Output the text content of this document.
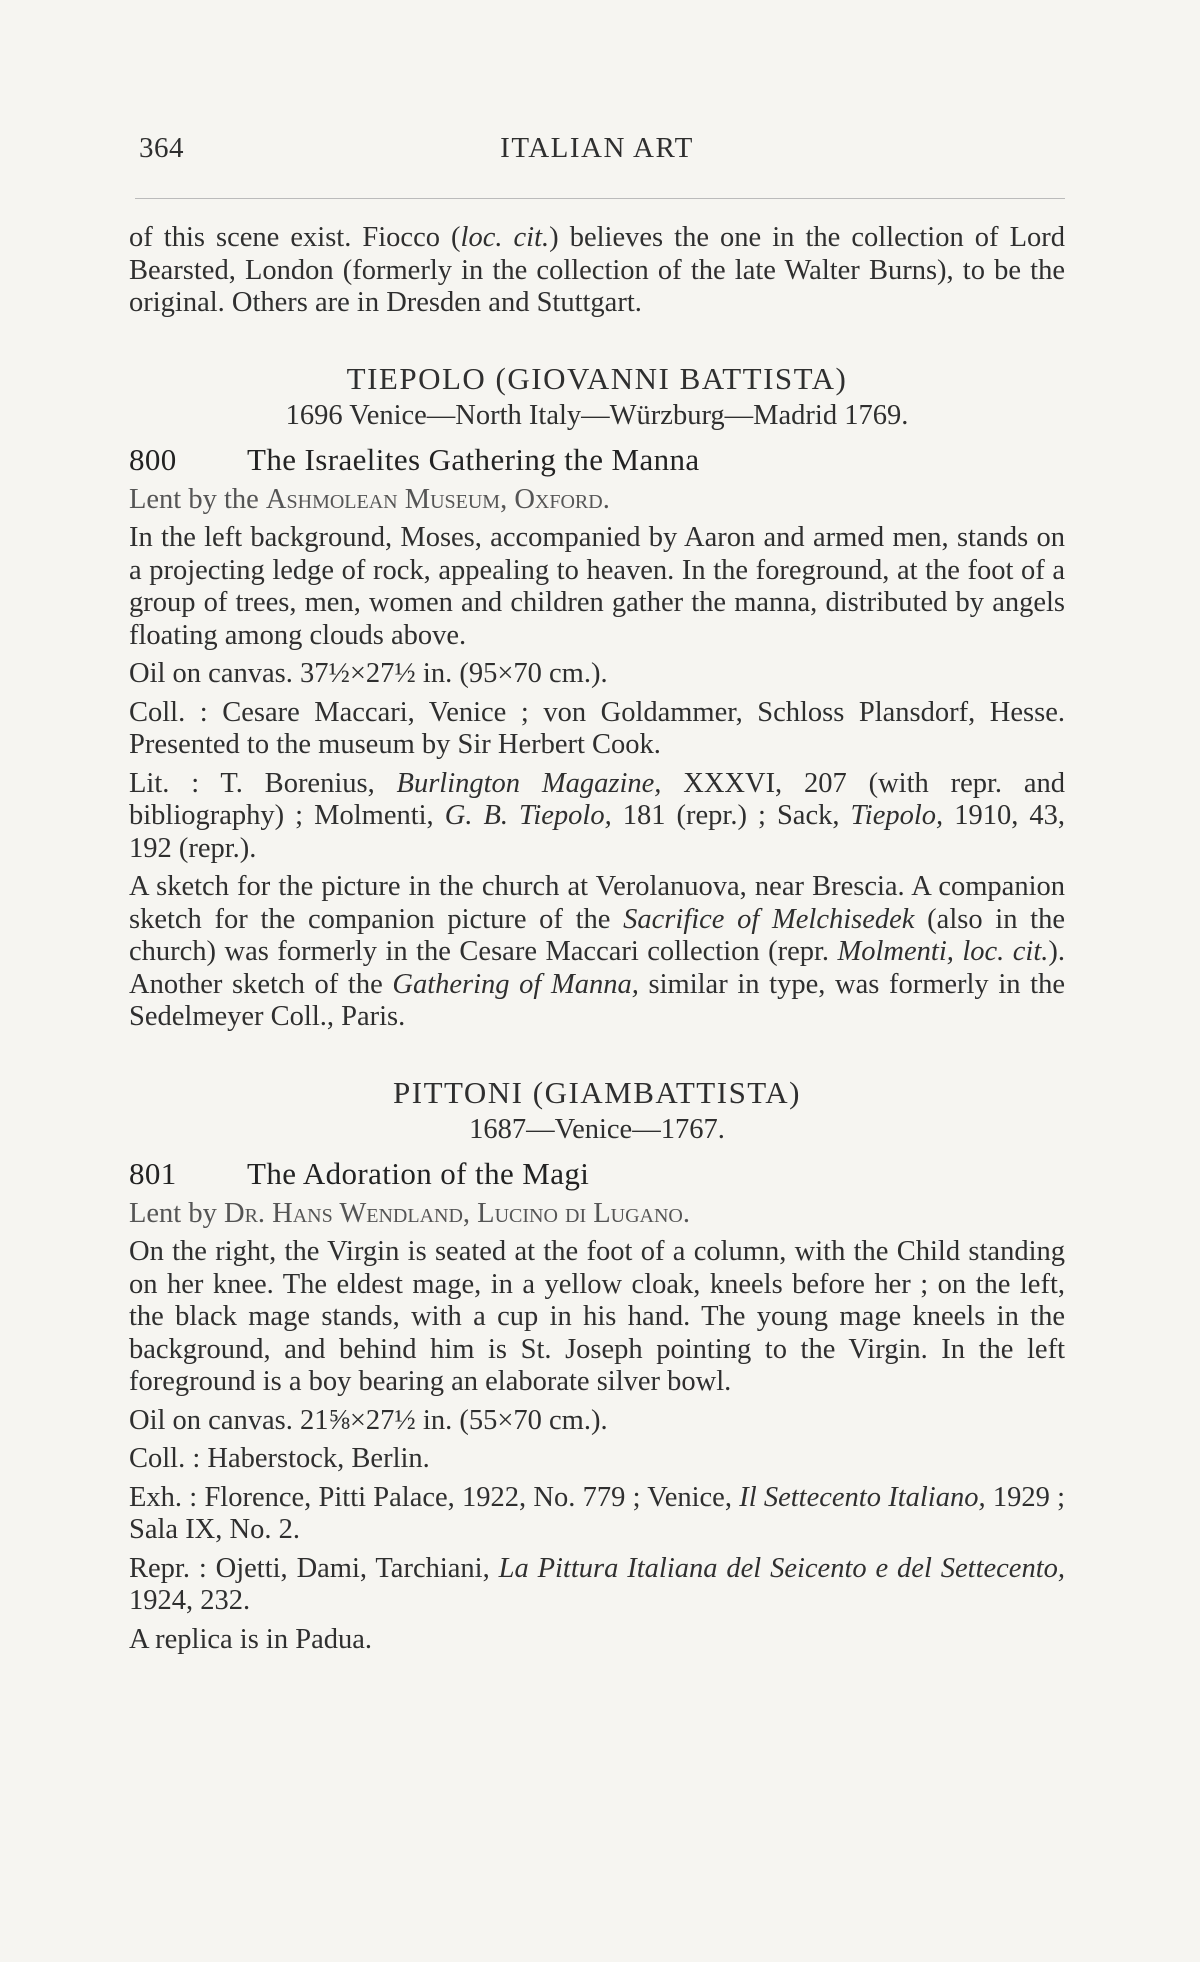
364	ITALIAN ART

of this scene exist. Fiocco (loc. cit.) believes the one in the collection of Lord Bearsted, London (formerly in the collection of the late Walter Burns), to be the original. Others are in Dresden and Stuttgart.

TIEPOLO (GIOVANNI BATTISTA)
1696 Venice—North Italy—Würzburg—Madrid 1769.
800 The Israelites Gathering the Manna

Lent by the Ashmolean Museum, Oxford.

In the left background, Moses, accompanied by Aaron and armed men, stands on a projecting ledge of rock, appealing to heaven. In the foreground, at the foot of a group of trees, men, women and children gather the manna, distributed by angels floating among clouds above.

Oil on canvas. 37½×27½ in. (95×70 cm.).

Coll. : Cesare Maccari, Venice ; von Goldammer, Schloss Plansdorf, Hesse. Presented to the museum by Sir Herbert Cook.

Lit. : T. Borenius, Burlington Magazine, XXXVI, 207 (with repr. and bibliography) ; Molmenti, G. B. Tiepolo, 181 (repr.) ; Sack, Tiepolo, 1910, 43, 192 (repr.).

A sketch for the picture in the church at Verolanuova, near Brescia. A companion sketch for the companion picture of the Sacrifice of Melchisedek (also in the church) was formerly in the Cesare Maccari collection (repr. Molmenti, loc. cit.). Another sketch of the Gathering of Manna, similar in type, was formerly in the Sedelmeyer Coll., Paris.

PITTONI (GIAMBATTISTA)
1687—Venice—1767.
801 The Adoration of the Magi

Lent by Dr. Hans Wendland, Lucino di Lugano.

On the right, the Virgin is seated at the foot of a column, with the Child standing on her knee. The eldest mage, in a yellow cloak, kneels before her ; on the left, the black mage stands, with a cup in his hand. The young mage kneels in the background, and behind him is St. Joseph pointing to the Virgin. In the left foreground is a boy bearing an elaborate silver bowl.

Oil on canvas. 21⅝×27½ in. (55×70 cm.).

Coll. : Haberstock, Berlin.

Exh. : Florence, Pitti Palace, 1922, No. 779 ; Venice, Il Settecento Italiano, 1929 ; Sala IX, No. 2.

Repr. : Ojetti, Dami, Tarchiani, La Pittura Italiana del Seicento e del Settecento, 1924, 232.

A replica is in Padua.
